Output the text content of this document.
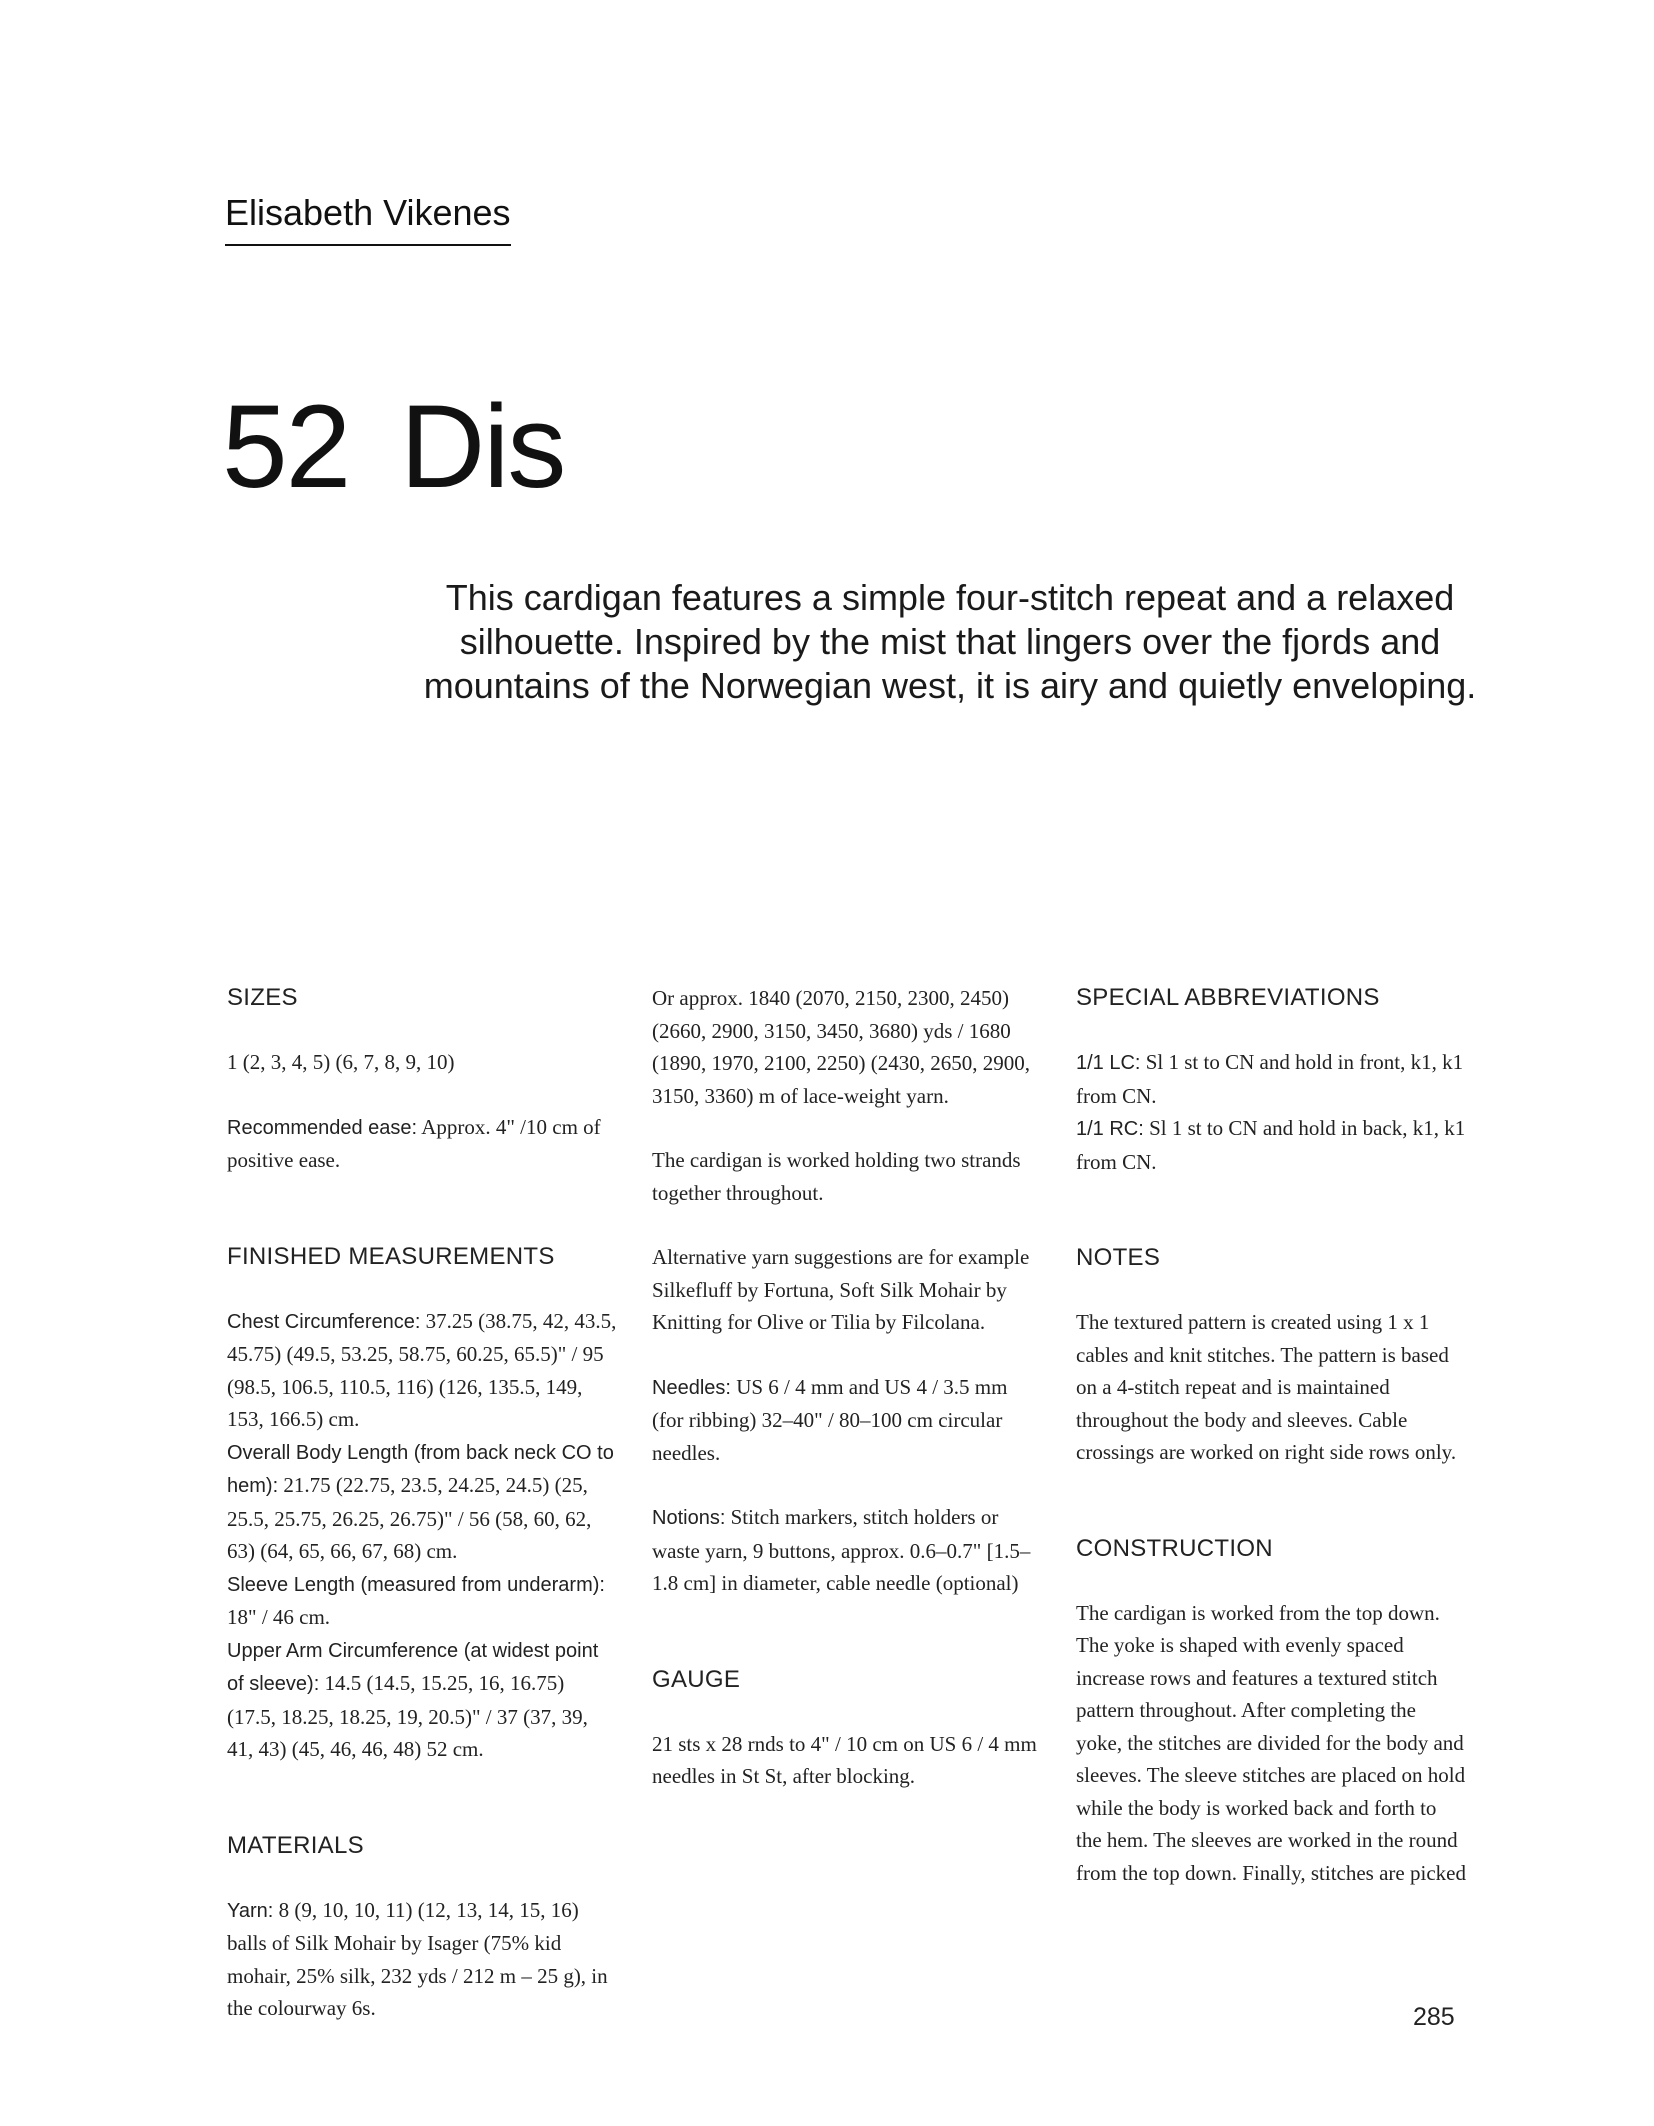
Elisabeth Vikenes
52 Dis
This cardigan features a simple four-stitch repeat and a relaxed silhouette. Inspired by the mist that lingers over the fjords and mountains of the Norwegian west, it is airy and quietly enveloping.
SIZES

1 (2, 3, 4, 5) (6, 7, 8, 9, 10)

Recommended ease: Approx. 4" /10 cm of positive ease.

FINISHED MEASUREMENTS

Chest Circumference: 37.25 (38.75, 42, 43.5, 45.75) (49.5, 53.25, 58.75, 60.25, 65.5)" / 95 (98.5, 106.5, 110.5, 116) (126, 135.5, 149, 153, 166.5) cm.

Overall Body Length (from back neck CO to hem): 21.75 (22.75, 23.5, 24.25, 24.5) (25, 25.5, 25.75, 26.25, 26.75)" / 56 (58, 60, 62, 63) (64, 65, 66, 67, 68) cm.

Sleeve Length (measured from underarm): 18" / 46 cm.

Upper Arm Circumference (at widest point of sleeve): 14.5 (14.5, 15.25, 16, 16.75) (17.5, 18.25, 18.25, 19, 20.5)" / 37 (37, 39, 41, 43) (45, 46, 46, 48) 52 cm.

MATERIALS

Yarn: 8 (9, 10, 10, 11) (12, 13, 14, 15, 16) balls of Silk Mohair by Isager (75% kid mohair, 25% silk, 232 yds / 212 m – 25 g), in the colourway 6s.

Or approx. 1840 (2070, 2150, 2300, 2450) (2660, 2900, 3150, 3450, 3680) yds / 1680 (1890, 1970, 2100, 2250) (2430, 2650, 2900, 3150, 3360) m of lace-weight yarn.

The cardigan is worked holding two strands together throughout.

Alternative yarn suggestions are for example Silkefluff by Fortuna, Soft Silk Mohair by Knitting for Olive or Tilia by Filcolana.

Needles: US 6 / 4 mm and US 4 / 3.5 mm (for ribbing) 32–40" / 80–100 cm circular needles.

Notions: Stitch markers, stitch holders or waste yarn, 9 buttons, approx. 0.6–0.7" [1.5–1.8 cm] in diameter, cable needle (optional)

GAUGE

21 sts x 28 rnds to 4" / 10 cm on US 6 / 4 mm needles in St St, after blocking.

SPECIAL ABBREVIATIONS

1/1 LC: Sl 1 st to CN and hold in front, k1, k1 from CN.

1/1 RC: Sl 1 st to CN and hold in back, k1, k1 from CN.

NOTES

The textured pattern is created using 1 x 1 cables and knit stitches. The pattern is based on a 4-stitch repeat and is maintained throughout the body and sleeves. Cable crossings are worked on right side rows only.

CONSTRUCTION

The cardigan is worked from the top down. The yoke is shaped with evenly spaced increase rows and features a textured stitch pattern throughout. After completing the yoke, the stitches are divided for the body and sleeves. The sleeve stitches are placed on hold while the body is worked back and forth to the hem. The sleeves are worked in the round from the top down. Finally, stitches are picked

285
